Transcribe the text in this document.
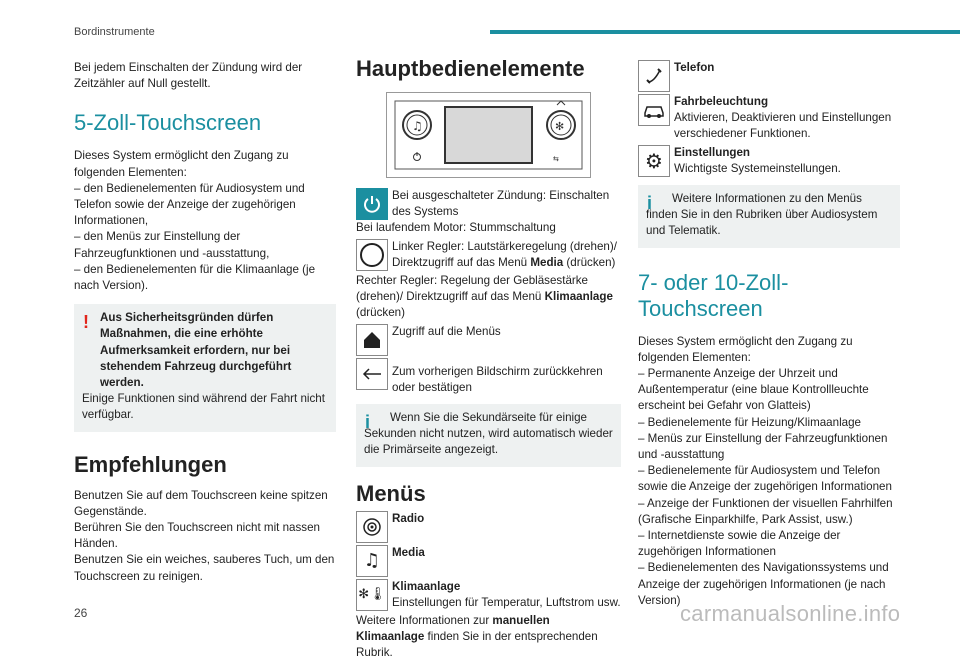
Bordinstrumente

Bei jedem Einschalten der Zündung wird der Zeitzähler auf Null gestellt.

5-Zoll-Touchscreen

Dieses System ermöglicht den Zugang zu folgenden Elementen:

– den Bedienelementen für Audiosystem und Telefon sowie der Anzeige der zugehörigen Informationen,

– den Menüs zur Einstellung der Fahrzeugfunktionen und -ausstattung,

– den Bedienelementen für die Klimaanlage (je nach Version).

! Aus Sicherheitsgründen dürfen Maßnahmen, die eine erhöhte Aufmerksamkeit erfordern, nur bei stehendem Fahrzeug durchgeführt werden.

Einige Funktionen sind während der Fahrt nicht verfügbar.

Empfehlungen

Benutzen Sie auf dem Touchscreen keine spitzen Gegenstände.

Berühren Sie den Touchscreen nicht mit nassen Händen.

Benutzen Sie ein weiches, sauberes Tuch, um den Touchscreen zu reinigen.

Hauptbedienelemente
♫	✻
⇆

Bei ausgeschalteter Zündung: Einschalten des Systems

Bei laufendem Motor: Stummschaltung

Linker Regler: Lautstärkeregelung (drehen)/ Direktzugriff auf das Menü Media (drücken)

Rechter Regler: Regelung der Gebläsestärke (drehen)/ Direktzugriff auf das Menü Klimaanlage (drücken)

Zugriff auf die Menüs

Zum vorherigen Bildschirm zurückkehren oder bestätigen

i	Wenn Sie die Sekundärseite für einige Sekunden nicht nutzen, wird automatisch wieder die Primärseite angezeigt.

Menüs

Radio

♫	Media

✻🌡

Klimaanlage

Einstellungen für Temperatur, Luftstrom usw.

Weitere Informationen zur manuellen Klimaanlage finden Sie in der entsprechenden Rubrik.

Telefon

Fahrbeleuchtung

Aktivieren, Deaktivieren und Einstellungen verschiedener Funktionen.

⚙ Einstellungen

Wichtigste Systemeinstellungen.

i	Weitere Informationen zu den Menüs finden Sie in den Rubriken über Audiosystem und Telematik.

7- oder 10-Zoll-Touchscreen

Dieses System ermöglicht den Zugang zu folgenden Elementen:

– Permanente Anzeige der Uhrzeit und Außentemperatur (eine blaue Kontrollleuchte erscheint bei Gefahr von Glatteis)

– Bedienelemente für Heizung/Klimaanlage

– Menüs zur Einstellung der Fahrzeugfunktionen und -ausstattung

– Bedienelemente für Audiosystem und Telefon sowie die Anzeige der zugehörigen Informationen

– Anzeige der Funktionen der visuellen Fahrhilfen (Grafische Einparkhilfe, Park Assist, usw.)

– Internetdienste sowie die Anzeige der zugehörigen Informationen

– Bedienelementen des Navigationssystems und Anzeige der zugehörigen Informationen (je nach Version)

26	carmanualsonline.info
